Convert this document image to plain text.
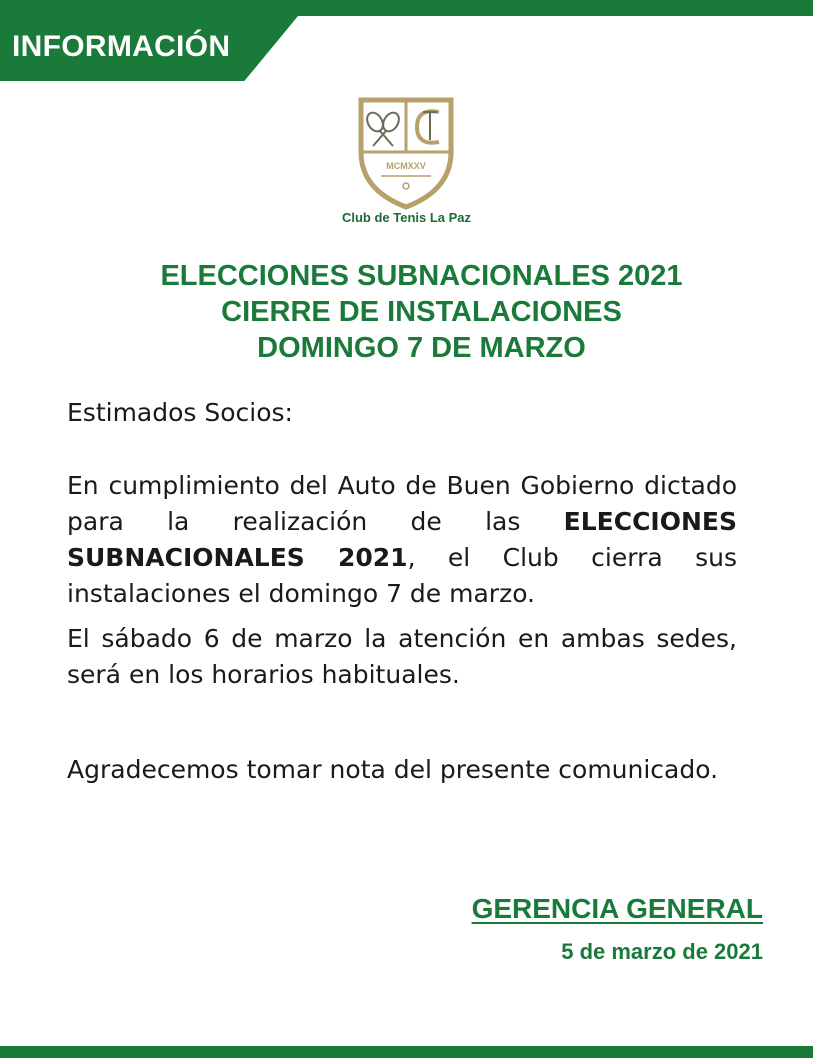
INFORMACIÓN
MCMXXV
Club de Tenis La Paz
ELECCIONES SUBNACIONALES 2021
CIERRE DE INSTALACIONES
DOMINGO 7 DE MARZO
Estimados Socios:
En cumplimiento del Auto de Buen Gobierno dictado para la realización de las ELECCIONES SUBNACIONALES 2021, el Club cierra sus instalaciones el domingo 7 de marzo.
El sábado 6 de marzo la atención en ambas sedes, será en los horarios habituales.
Agradecemos tomar nota del presente comunicado.
GERENCIA GENERAL
5 de marzo de 2021
